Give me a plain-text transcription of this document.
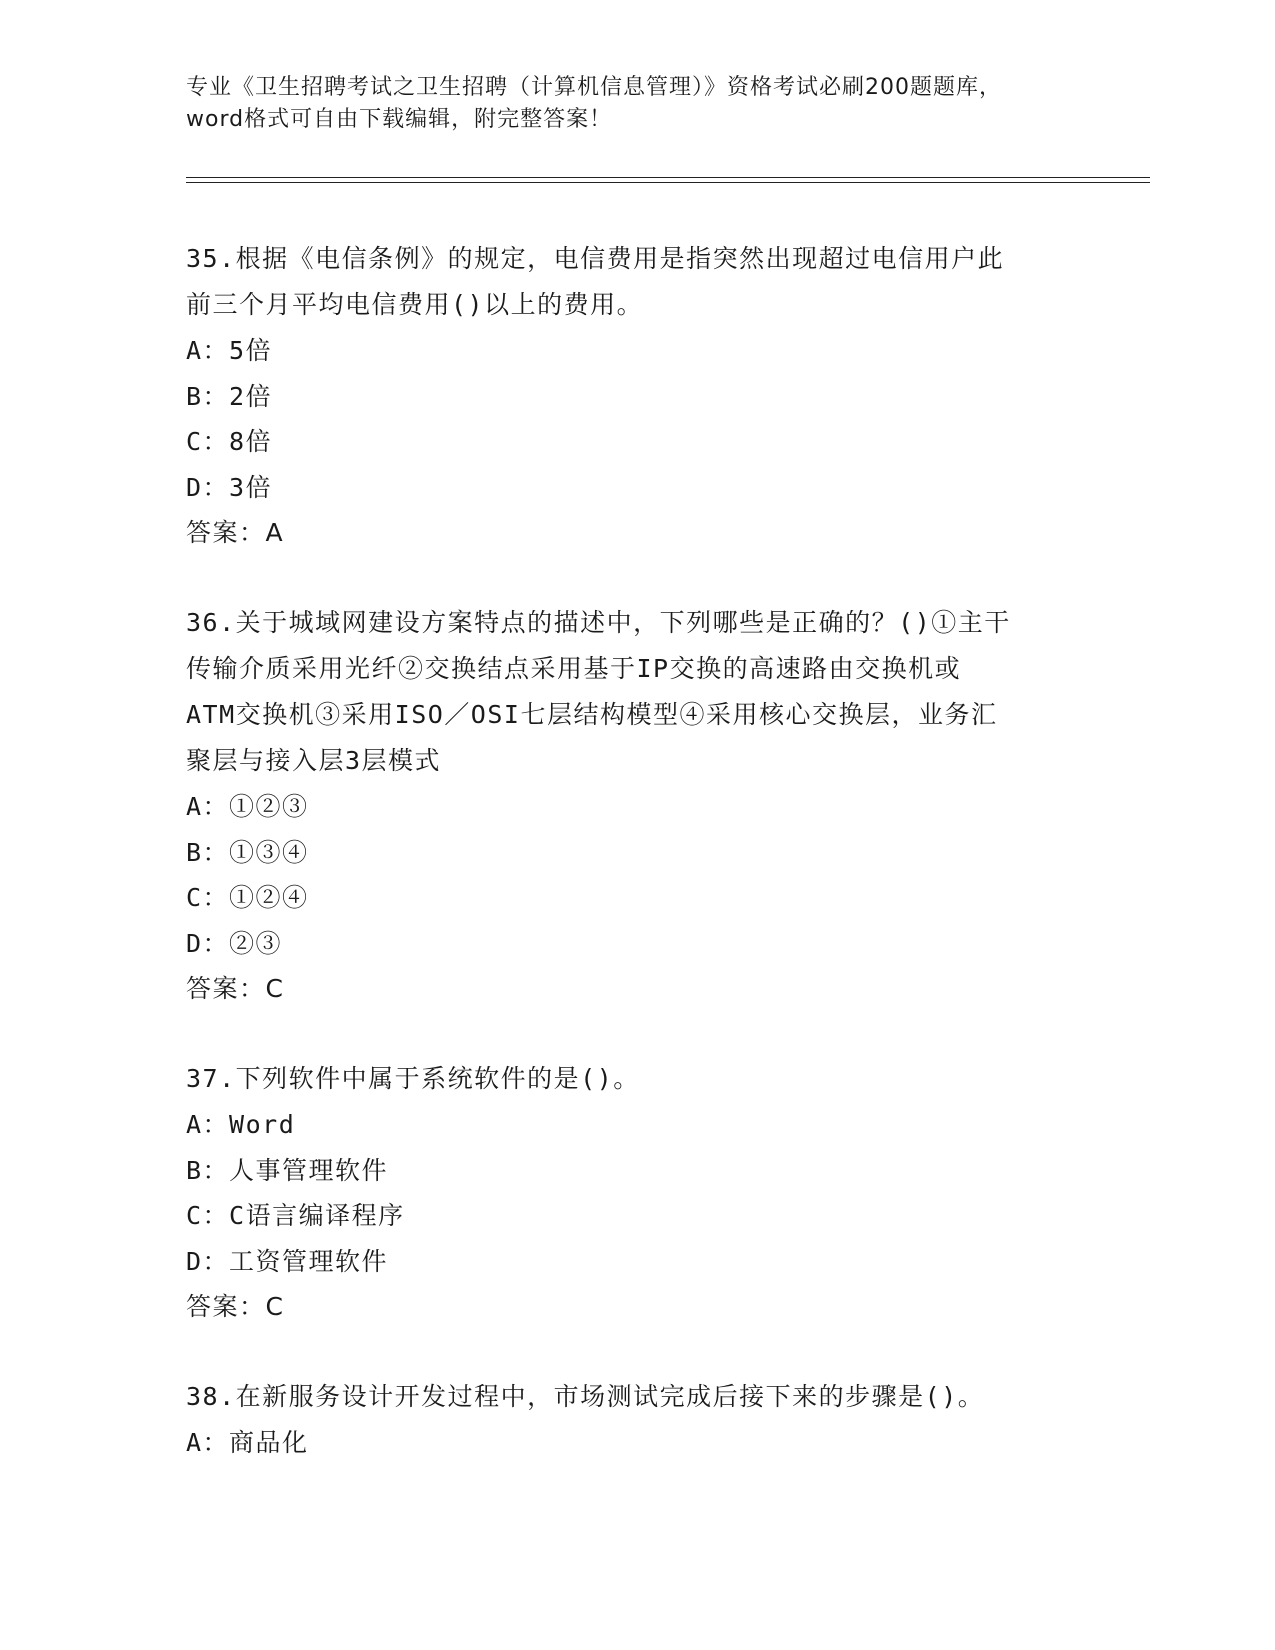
专业《卫生招聘考试之卫生招聘（计算机信息管理）》资格考试必刷200题题库，
word格式可自由下载编辑，附完整答案！
35.根据《电信条例》的规定，电信费用是指突然出现超过电信用户此
前三个月平均电信费用()以上的费用。
A：5倍
B：2倍
C：8倍
D：3倍
答案：A
36.关于城域网建设方案特点的描述中，下列哪些是正确的？()①主干
传输介质采用光纤②交换结点采用基于IP交换的高速路由交换机或
ATM交换机③采用ISO／OSI七层结构模型④采用核心交换层，业务汇
聚层与接入层3层模式
A：①②③
B：①③④
C：①②④
D：②③
答案：C
37.下列软件中属于系统软件的是()。
A：Word
B：人事管理软件
C：C语言编译程序
D：工资管理软件
答案：C
38.在新服务设计开发过程中，市场测试完成后接下来的步骤是()。
A：商品化
